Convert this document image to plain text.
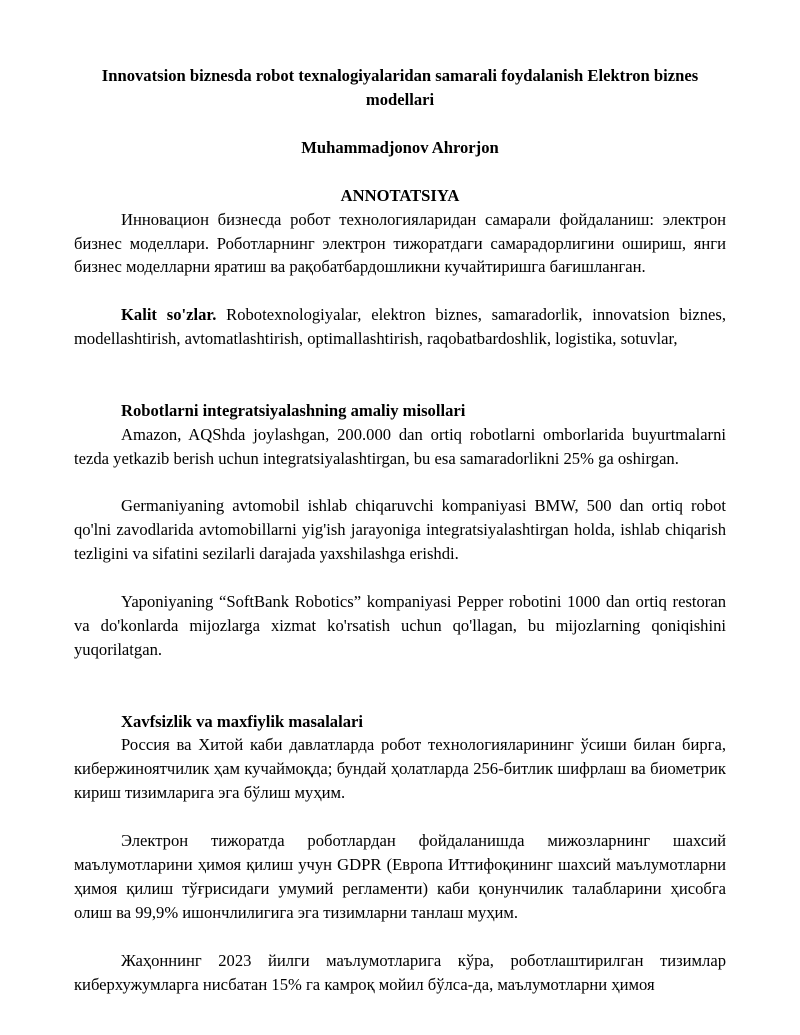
Innovatsion biznesda robot texnalogiyalaridan samarali foydalanish Elektron biznes modellari

Muhammadjonov Ahrorjon

ANNOTATSIYA

Инновацион бизнесда робот технологияларидан самарали фойдаланиш: электрон бизнес моделлари. Роботларнинг электрон тижоратдаги самарадорлигини ошириш, янги бизнес моделларни яратиш ва рақобатбардошликни кучайтиришга бағишланган.

Kalit so'zlar. Robotexnologiyalar, elektron biznes, samaradorlik, innovatsion biznes, modellashtirish, avtomatlashtirish, optimallashtirish, raqobatbardoshlik, logistika, sotuvlar,

Robotlarni integratsiyalashning amaliy misollari

Amazon, AQShda joylashgan, 200.000 dan ortiq robotlarni omborlarida buyurtmalarni tezda yetkazib berish uchun integratsiyalashtirgan, bu esa samaradorlikni 25% ga oshirgan.

Germaniyaning avtomobil ishlab chiqaruvchi kompaniyasi BMW, 500 dan ortiq robot qo'lni zavodlarida avtomobillarni yig'ish jarayoniga integratsiyalashtirgan holda, ishlab chiqarish tezligini va sifatini sezilarli darajada yaxshilashga erishdi.

Yaponiyaning “SoftBank Robotics” kompaniyasi Pepper robotini 1000 dan ortiq restoran va do'konlarda mijozlarga xizmat ko'rsatish uchun qo'llagan, bu mijozlarning qoniqishini yuqorilatgan.

Xavfsizlik va maxfiylik masalalari

Россия ва Хитой каби давлатларда робот технологияларининг ўсиши билан бирга, кибержиноятчилик ҳам кучаймоқда; бундай ҳолатларда 256-битлик шифрлаш ва биометрик кириш тизимларига эга бўлиш муҳим.

Электрон тижоратда роботлардан фойдаланишда мижозларнинг шахсий маълумотларини ҳимоя қилиш учун GDPR (Европа Иттифоқининг шахсий маълумотларни ҳимоя қилиш тўғрисидаги умумий регламенти) каби қонунчилик талабларини ҳисобга олиш ва 99,9% ишончлилигига эга тизимларни танлаш муҳим.

Жаҳоннинг 2023 йилги маълумотларига кўра, роботлаштирилган тизимлар киберхужумларга нисбатан 15% га камроқ мойил бўлса-да, маълумотларни ҳимоя
